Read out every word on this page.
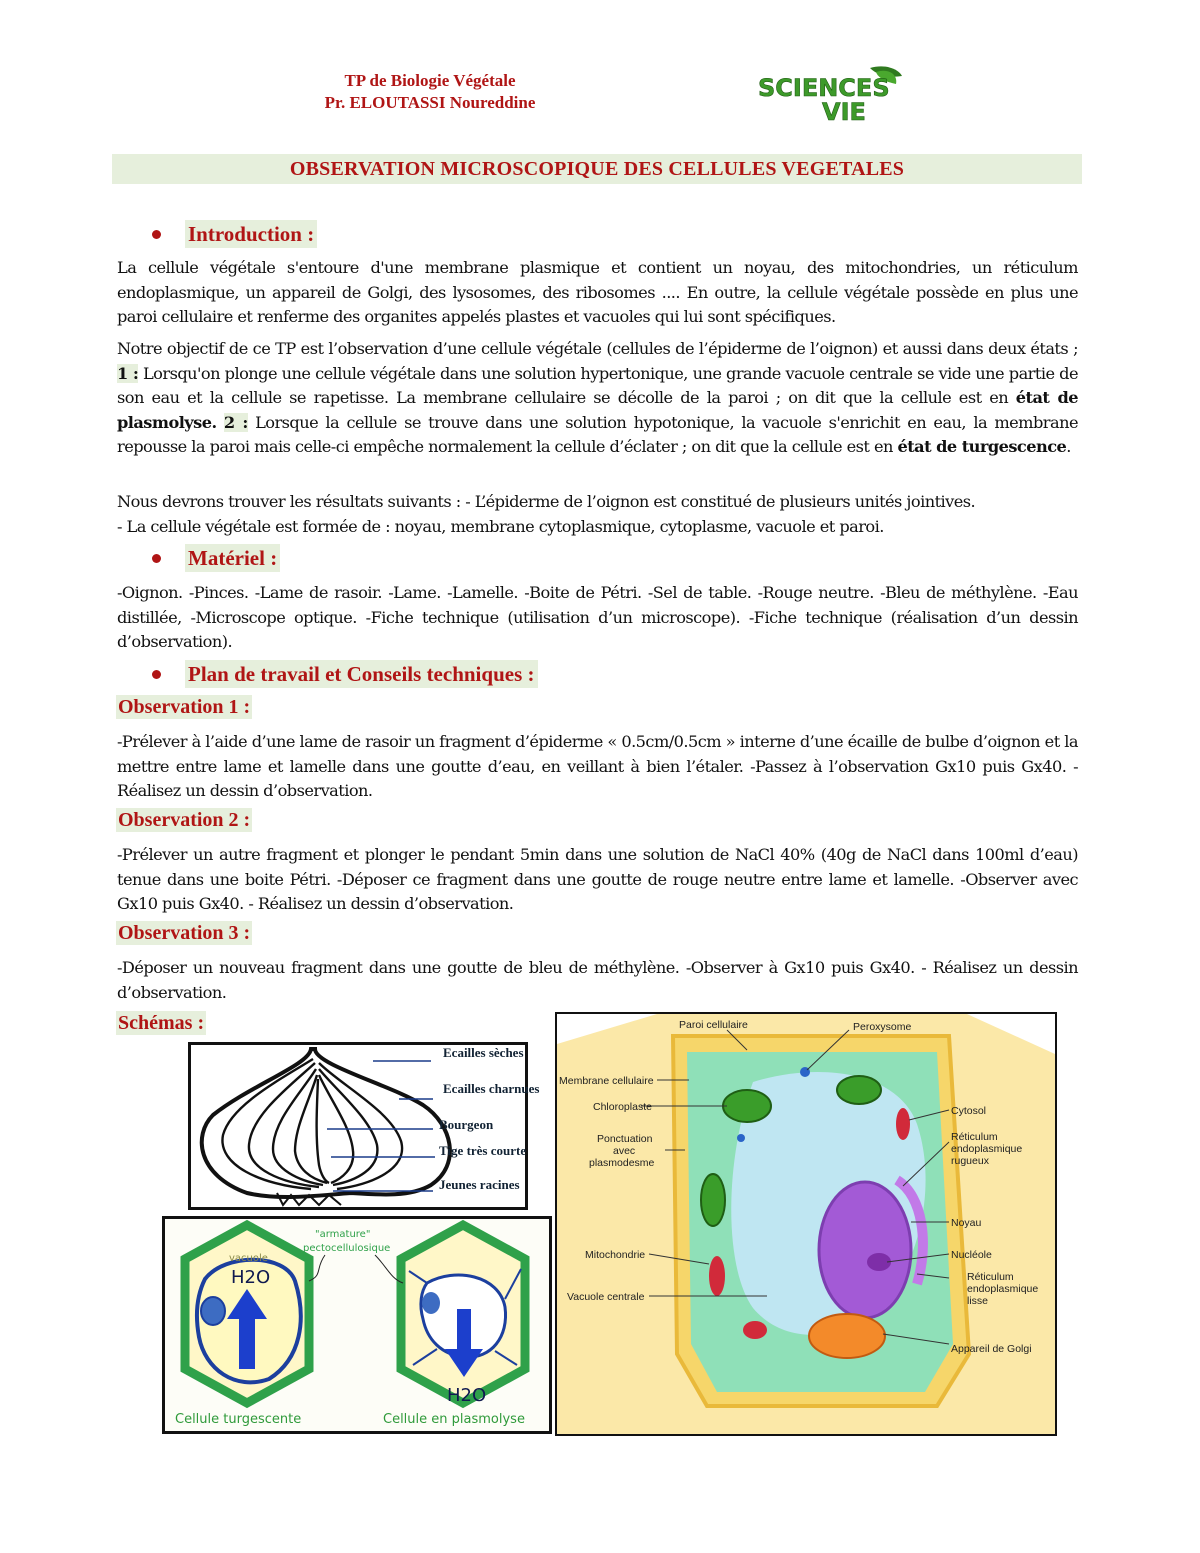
TP de Biologie Végétale
Pr. ELOUTASSI Noureddine
SCIENCES
VIE
OBSERVATION MICROSCOPIQUE DES CELLULES VEGETALES
Introduction :
La cellule végétale s'entoure d'une membrane plasmique et contient un noyau, des mitochondries, un réticulum endoplasmique, un appareil de Golgi, des lysosomes, des ribosomes .... En outre, la cellule végétale possède en plus une paroi cellulaire et renferme des organites appelés plastes et vacuoles qui lui sont spécifiques.
Notre objectif de ce TP est l’observation d’une cellule végétale (cellules de l’épiderme de l’oignon) et aussi dans deux états ; 1 : Lorsqu'on plonge une cellule végétale dans une solution hypertonique, une grande vacuole centrale se vide une partie de son eau et la cellule se rapetisse. La membrane cellulaire se décolle de la paroi ; on dit que la cellule est en état de plasmolyse. 2 : Lorsque la cellule se trouve dans une solution hypotonique, la vacuole s'enrichit en eau, la membrane repousse la paroi mais celle-ci empêche normalement la cellule d’éclater ; on dit que la cellule est en état de turgescence.
Nous devrons trouver les résultats suivants : - L’épiderme de l’oignon est constitué de plusieurs unités jointives.
- La cellule végétale est formée de : noyau, membrane cytoplasmique, cytoplasme, vacuole et paroi.
Matériel :
-Oignon. -Pinces. -Lame de rasoir. -Lame. -Lamelle. -Boite de Pétri. -Sel de table. -Rouge neutre. -Bleu de méthylène. -Eau distillée, -Microscope optique. -Fiche technique (utilisation d’un microscope). -Fiche technique (réalisation d’un dessin d’observation).
Plan de travail et Conseils techniques :
Observation 1 :
-Prélever à l’aide d’une lame de rasoir un fragment d’épiderme « 0.5cm/0.5cm » interne d’une écaille de bulbe d’oignon et la mettre entre lame et lamelle dans une goutte d’eau, en veillant à bien l’étaler. -Passez à l’observation Gx10 puis Gx40. - Réalisez un dessin d’observation.
Observation 2 :
-Prélever un autre fragment et plonger le pendant 5min dans une solution de NaCl 40% (40g de NaCl dans 100ml d’eau) tenue dans une boite Pétri. -Déposer ce fragment dans une goutte de rouge neutre entre lame et lamelle. -Observer avec Gx10 puis Gx40. - Réalisez un dessin d’observation.
Observation 3 :
-Déposer un nouveau fragment dans une goutte de bleu de méthylène. -Observer à Gx10 puis Gx40. - Réalisez un dessin d’observation.
Schémas :
Ecailles sèches
Ecailles charnues
Bourgeon
Tige très courte
Jeunes racines
H2O
vacuole
H2O
"armature"
pectocellulosique
Cellule turgescente	Cellule en plasmolyse
Paroi cellulaire	Peroxysome
Membrane cellulaire
Chloroplaste	Cytosol
Ponctuation
avec
plasmodesme
Réticulum
endoplasmique
rugueux
Noyau
Mitochondrie	Nucléole
Vacuole centrale
Réticulum
endoplasmique
lisse
Appareil de Golgi
